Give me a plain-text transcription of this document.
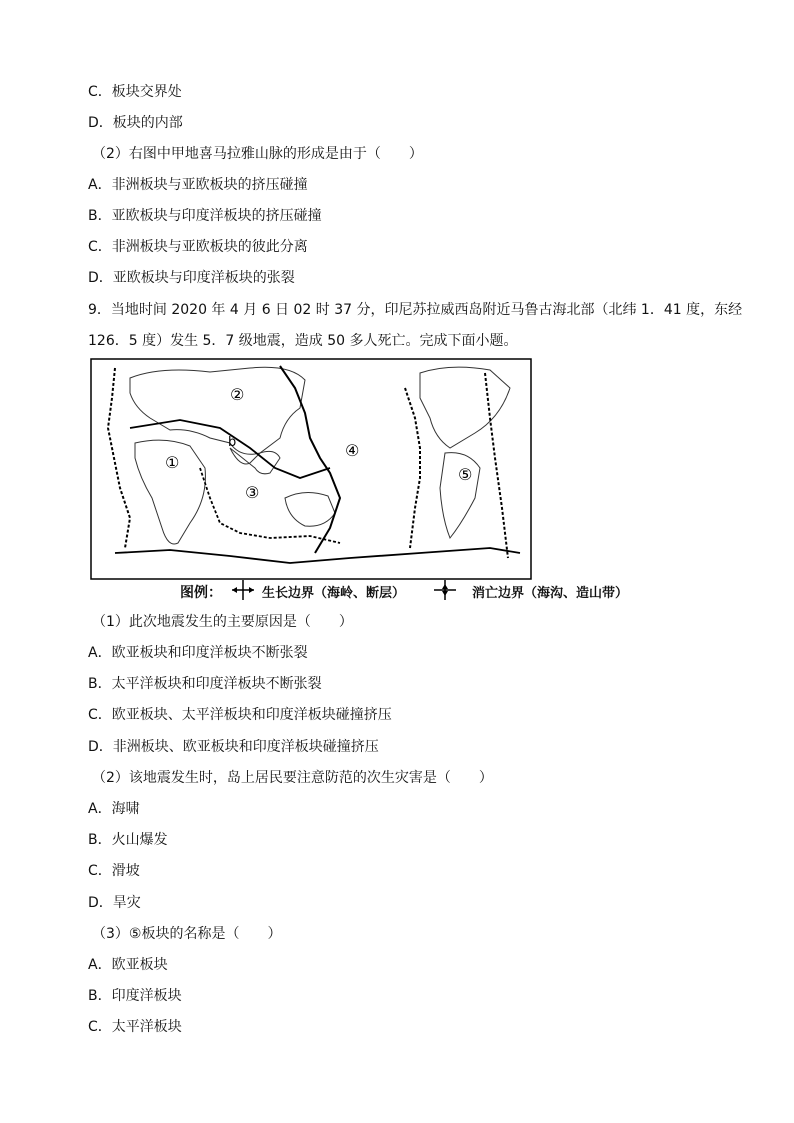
C．板块交界处
D．板块的内部
（2）右图中甲地喜马拉雅山脉的形成是由于（　　）
A．非洲板块与亚欧板块的挤压碰撞
B．亚欧板块与印度洋板块的挤压碰撞
C．非洲板块与亚欧板块的彼此分离
D．亚欧板块与印度洋板块的张裂
9．当地时间 2020 年 4 月 6 日 02 时 37 分，印尼苏拉威西岛附近马鲁古海北部（北纬 1．41 度，东经
126．5 度）发生 5．7 级地震，造成 50 多人死亡。完成下面小题。
①
②
③
④
⑤
b
图例：	生长边界（海岭、断层）	消亡边界（海沟、造山带）
（1）此次地震发生的主要原因是（　　）
A．欧亚板块和印度洋板块不断张裂
B．太平洋板块和印度洋板块不断张裂
C．欧亚板块、太平洋板块和印度洋板块碰撞挤压
D．非洲板块、欧亚板块和印度洋板块碰撞挤压
（2）该地震发生时，岛上居民要注意防范的次生灾害是（　　）
A．海啸
B．火山爆发
C．滑坡
D．旱灾
（3）⑤板块的名称是（　　）
A．欧亚板块
B．印度洋板块
C．太平洋板块
